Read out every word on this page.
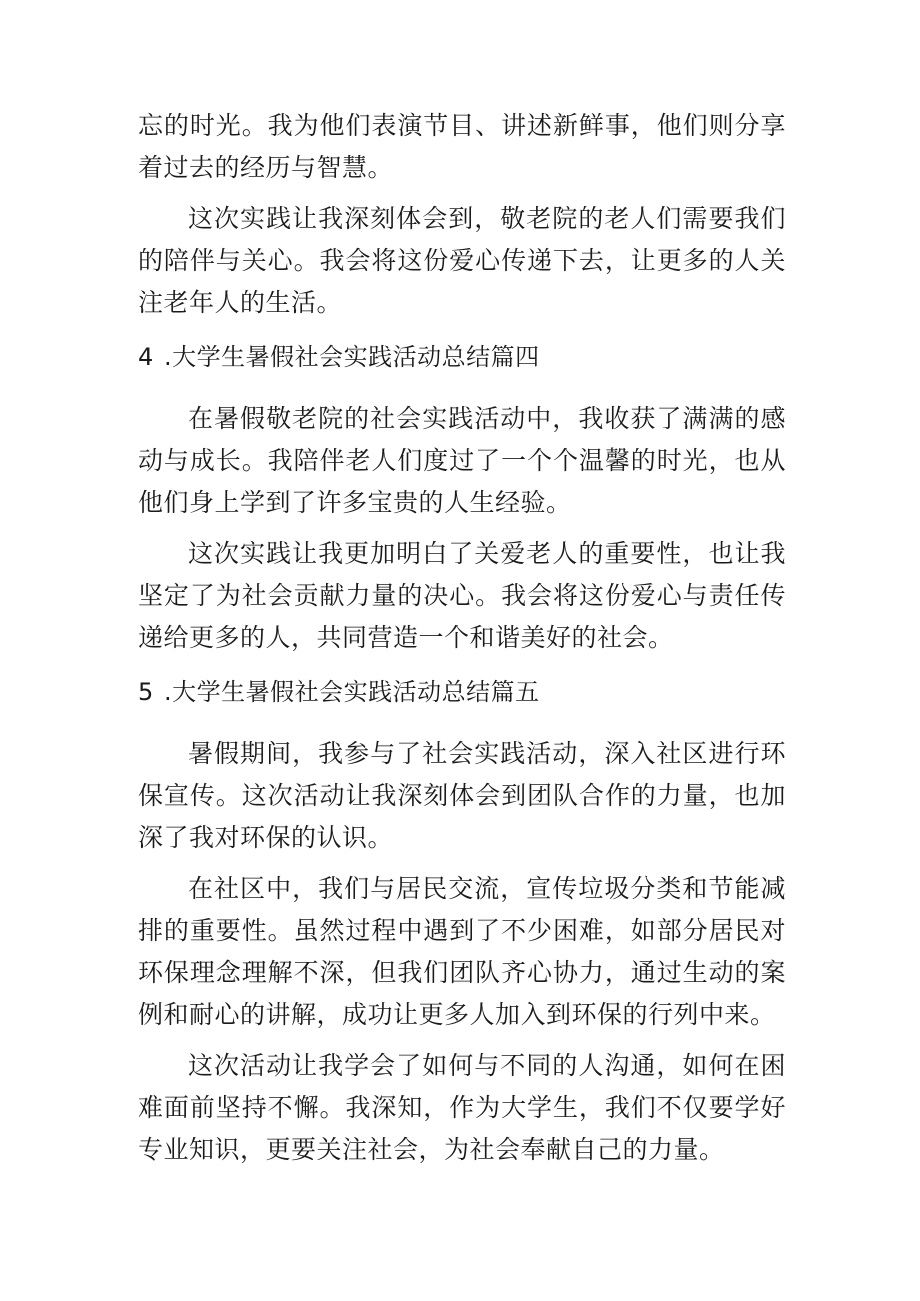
忘的时光。我为他们表演节目、讲述新鲜事，他们则分享着过去的经历与智慧。

这次实践让我深刻体会到，敬老院的老人们需要我们的陪伴与关心。我会将这份爱心传递下去，让更多的人关注老年人的生活。

4 .大学生暑假社会实践活动总结篇四

在暑假敬老院的社会实践活动中，我收获了满满的感动与成长。我陪伴老人们度过了一个个温馨的时光，也从他们身上学到了许多宝贵的人生经验。

这次实践让我更加明白了关爱老人的重要性，也让我坚定了为社会贡献力量的决心。我会将这份爱心与责任传递给更多的人，共同营造一个和谐美好的社会。

5 .大学生暑假社会实践活动总结篇五

暑假期间，我参与了社会实践活动，深入社区进行环保宣传。这次活动让我深刻体会到团队合作的力量，也加深了我对环保的认识。

在社区中，我们与居民交流，宣传垃圾分类和节能减排的重要性。虽然过程中遇到了不少困难，如部分居民对环保理念理解不深，但我们团队齐心协力，通过生动的案例和耐心的讲解，成功让更多人加入到环保的行列中来。

这次活动让我学会了如何与不同的人沟通，如何在困难面前坚持不懈。我深知，作为大学生，我们不仅要学好专业知识，更要关注社会，为社会奉献自己的力量。
